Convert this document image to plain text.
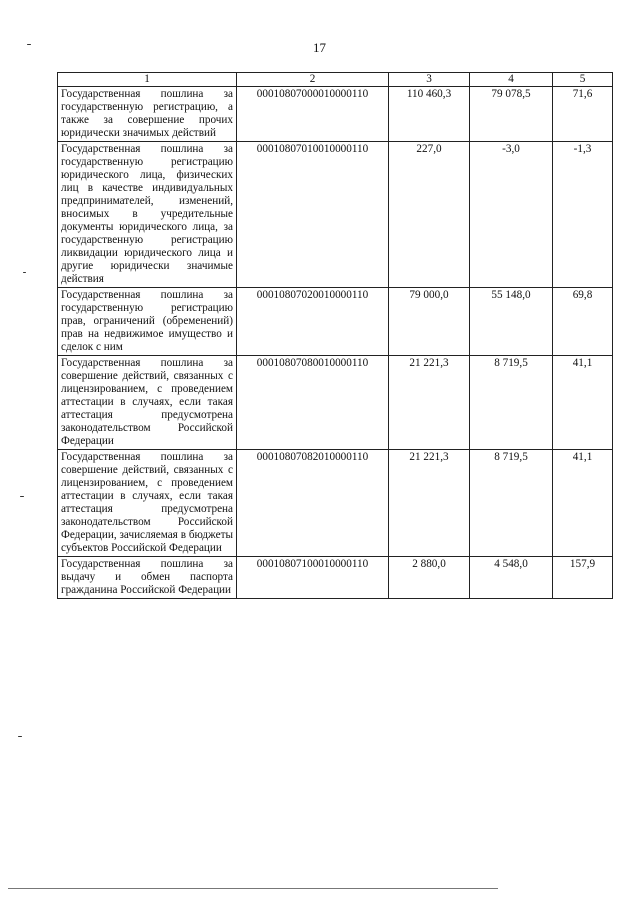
17
1	2	3	4	5
Государственная пошлина за государственную регистрацию, а также за совершение прочих юридически значимых действий	00010807000010000110	110 460,3	79 078,5	71,6
Государственная пошлина за государственную регистрацию юридического лица, физических лиц в качестве индивидуальных предпринимателей, изменений, вносимых в учредительные документы юридического лица, за государственную регистрацию ликвидации юридического лица и другие юридически значимые действия	00010807010010000110	227,0	-3,0	-1,3
Государственная пошлина за государственную регистрацию прав, ограничений (обременений) прав на недвижимое имущество и сделок с ним	00010807020010000110	79 000,0	55 148,0	69,8
Государственная пошлина за совершение действий, связанных с лицензированием, с проведением аттестации в случаях, если такая аттестация предусмотрена законодательством Российской Федерации	00010807080010000110	21 221,3	8 719,5	41,1
Государственная пошлина за совершение действий, связанных с лицензированием, с проведением аттестации в случаях, если такая аттестация предусмотрена законодательством Российской Федерации, зачисляемая в бюджеты субъектов Российской Федерации	00010807082010000110	21 221,3	8 719,5	41,1
Государственная пошлина за выдачу и обмен паспорта гражданина Российской Федерации	00010807100010000110	2 880,0	4 548,0	157,9
